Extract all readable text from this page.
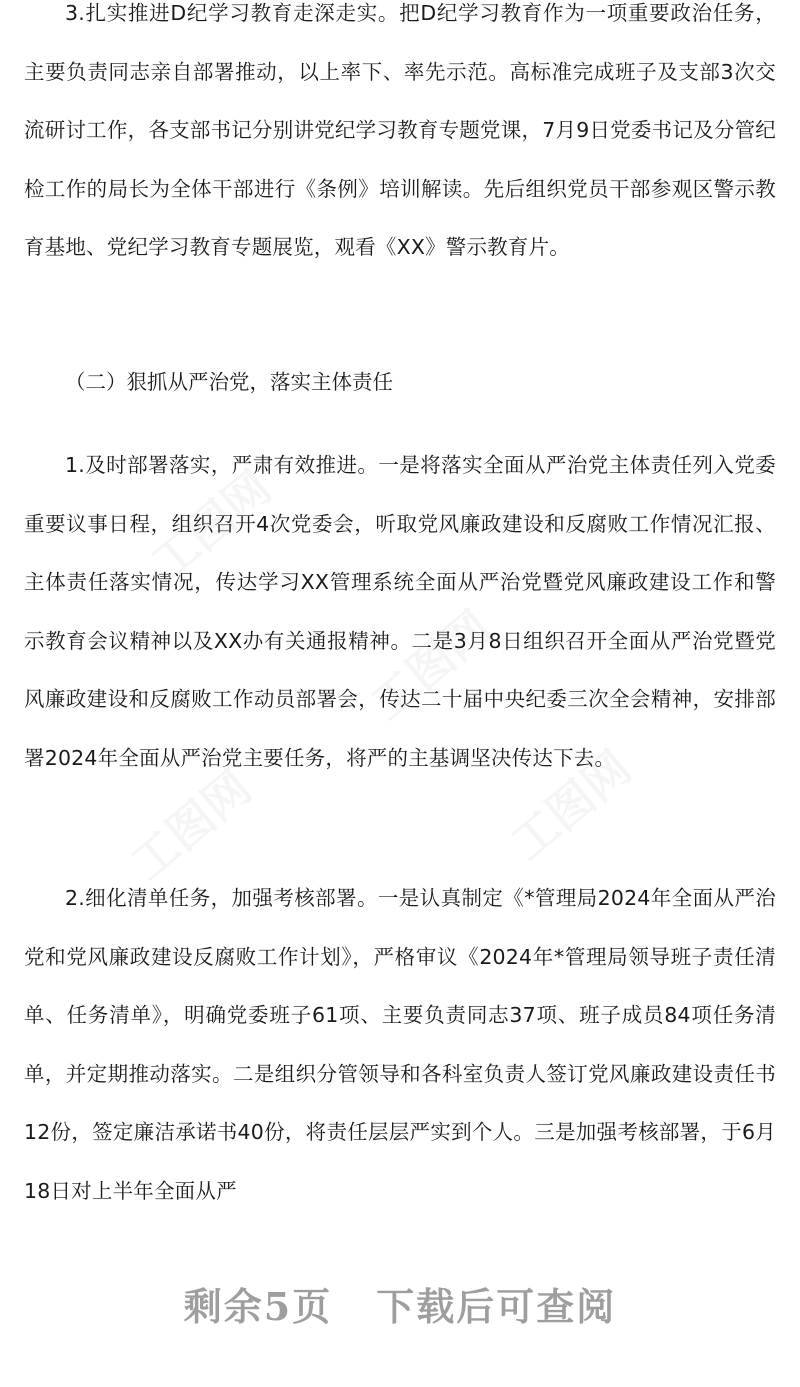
3.扎实推进D纪学习教育走深走实。把D纪学习教育作为一项重要政治任务，主要负责同志亲自部署推动，以上率下、率先示范。高标准完成班子及支部3次交流研讨工作，各支部书记分别讲党纪学习教育专题党课，7月9日党委书记及分管纪检工作的局长为全体干部进行《条例》培训解读。先后组织党员干部参观区警示教育基地、党纪学习教育专题展览，观看《XX》警示教育片。

（二）狠抓从严治党，落实主体责任

1.及时部署落实，严肃有效推进。一是将落实全面从严治党主体责任列入党委重要议事日程，组织召开4次党委会，听取党风廉政建设和反腐败工作情况汇报、主体责任落实情况，传达学习XX管理系统全面从严治党暨党风廉政建设工作和警示教育会议精神以及XX办有关通报精神。二是3月8日组织召开全面从严治党暨党风廉政建设和反腐败工作动员部署会，传达二十届中央纪委三次全会精神，安排部署2024年全面从严治党主要任务，将严的主基调坚决传达下去。

2.细化清单任务，加强考核部署。一是认真制定《*管理局2024年全面从严治党和党风廉政建设反腐败工作计划》，严格审议《2024年*管理局领导班子责任清单、任务清单》，明确党委班子61项、主要负责同志37项、班子成员84项任务清单，并定期推动落实。二是组织分管领导和各科室负责人签订党风廉政建设责任书12份，签定廉洁承诺书40份，将责任层层严实到个人。三是加强考核部署，于6月18日对上半年全面从严

工图网
工图网
工图网	工图网
剩余5页 下载后可查阅
